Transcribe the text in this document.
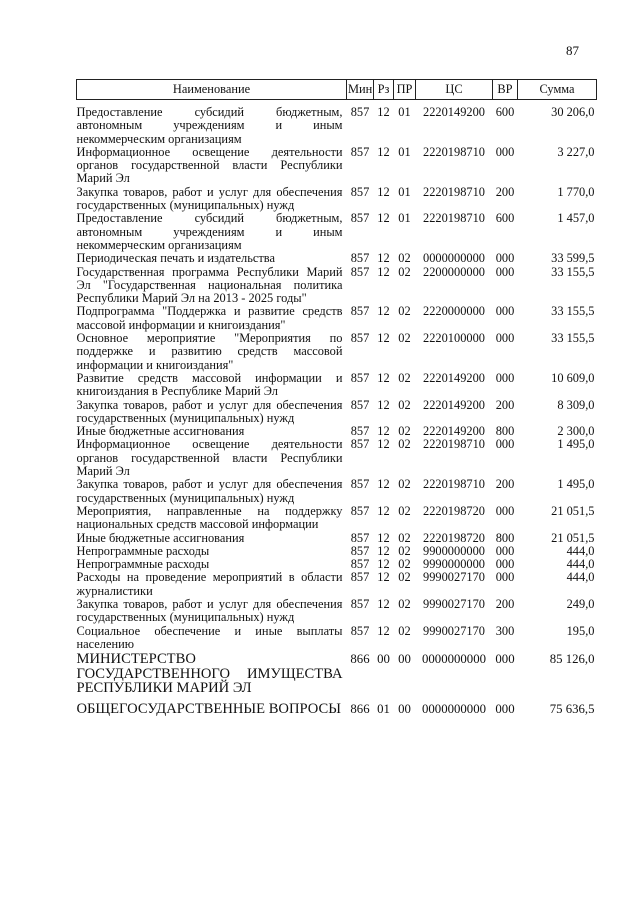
87
Наименование	Мин	Рз	ПР	ЦС	ВР	Сумма
Предоставление субсидий бюджетным, автономным учреждениям и иным некоммерческим организациям	857	12	01	2220149200	600	30 206,0
Информационное освещение деятельности органов государственной власти Республики Марий Эл	857	12	01	2220198710	000	3 227,0
Закупка товаров, работ и услуг для обеспечения государственных (муниципальных) нужд	857	12	01	2220198710	200	1 770,0
Предоставление субсидий бюджетным, автономным учреждениям и иным некоммерческим организациям	857	12	01	2220198710	600	1 457,0
Периодическая печать и издательства	857	12	02	0000000000	000	33 599,5
Государственная программа Республики Марий Эл "Государственная национальная политика Республики Марий Эл на 2013 - 2025 годы"	857	12	02	2200000000	000	33 155,5
Подпрограмма "Поддержка и развитие средств массовой информации и книгоиздания"	857	12	02	2220000000	000	33 155,5
Основное мероприятие "Мероприятия по поддержке и развитию средств массовой информации и книгоиздания"	857	12	02	2220100000	000	33 155,5
Развитие средств массовой информации и книгоиздания в Республике Марий Эл	857	12	02	2220149200	000	10 609,0
Закупка товаров, работ и услуг для обеспечения государственных (муниципальных) нужд	857	12	02	2220149200	200	8 309,0
Иные бюджетные ассигнования	857	12	02	2220149200	800	2 300,0
Информационное освещение деятельности органов государственной власти Республики Марий Эл	857	12	02	2220198710	000	1 495,0
Закупка товаров, работ и услуг для обеспечения государственных (муниципальных) нужд	857	12	02	2220198710	200	1 495,0
Мероприятия, направленные на поддержку национальных средств массовой информации	857	12	02	2220198720	000	21 051,5
Иные бюджетные ассигнования	857	12	02	2220198720	800	21 051,5
Непрограммные расходы	857	12	02	9900000000	000	444,0
Непрограммные расходы	857	12	02	9990000000	000	444,0
Расходы на проведение мероприятий в области журналистики	857	12	02	9990027170	000	444,0
Закупка товаров, работ и услуг для обеспечения государственных (муниципальных) нужд	857	12	02	9990027170	200	249,0
Социальное обеспечение и иные выплаты населению	857	12	02	9990027170	300	195,0
МИНИСТЕРСТВО ГОСУДАРСТВЕННОГО ИМУЩЕСТВА РЕСПУБЛИКИ МАРИЙ ЭЛ	866	00	00	0000000000	000	85 126,0
ОБЩЕГОСУДАРСТВЕННЫЕ ВОПРОСЫ	866	01	00	0000000000	000	75 636,5
